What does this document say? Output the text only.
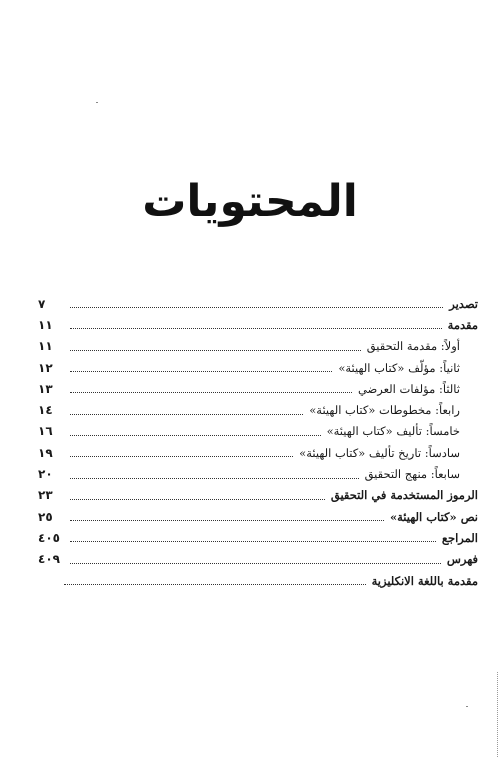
المحتويات
تصدير
٧
مقدمة
١١
أولاً: مقدمة التحقيق
١١
ثانياً: مؤلّف «كتاب الهيئة»
١٢
ثالثاً: مؤلفات العرضي
١٣
رابعاً: مخطوطات «كتاب الهيئة»
١٤
خامساً: تأليف «كتاب الهيئة»
١٦
سادساً: تاريخ تأليف «كتاب الهيئة»
١٩
سابعاً: منهج التحقيق
٢٠
الرموز المستخدمة في التحقيق
٢٣
نص «كتاب الهيئة»
٢٥
المراجع
٤٠٥
فهرس
٤٠٩
مقدمة باللغة الانكليزية
